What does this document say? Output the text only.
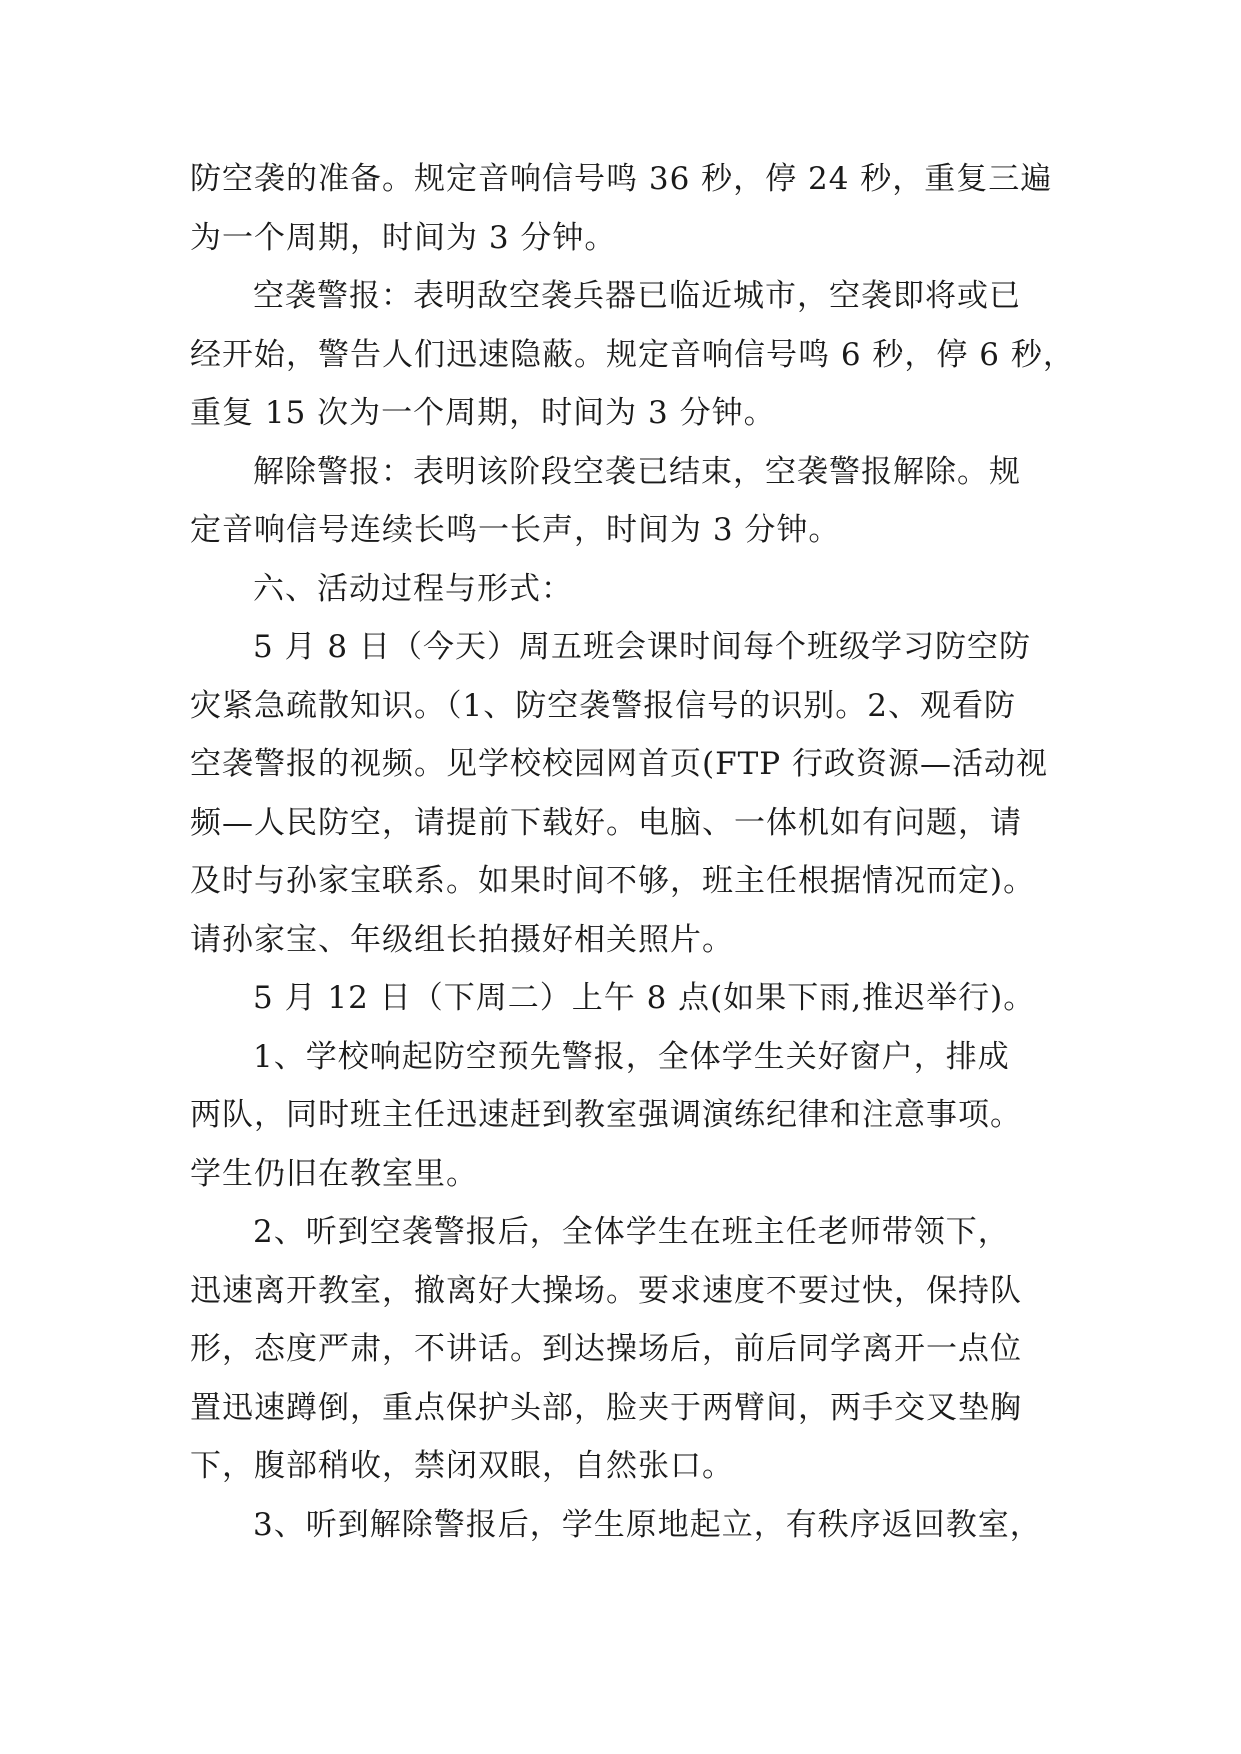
防空袭的准备。规定音响信号鸣 36 秒，停 24 秒，重复三遍
为一个周期，时间为 3 分钟。
空袭警报：表明敌空袭兵器已临近城市，空袭即将或已
经开始，警告人们迅速隐蔽。规定音响信号鸣 6 秒，停 6 秒，
重复 15 次为一个周期，时间为 3 分钟。
解除警报：表明该阶段空袭已结束，空袭警报解除。规
定音响信号连续长鸣一长声，时间为 3 分钟。
六、活动过程与形式：
5 月 8 日（今天）周五班会课时间每个班级学习防空防
灾紧急疏散知识。（1、防空袭警报信号的识别。2、观看防
空袭警报的视频。见学校校园网首页(FTP 行政资源—活动视
频—人民防空，请提前下载好。电脑、一体机如有问题，请
及时与孙家宝联系。如果时间不够，班主任根据情况而定)。
请孙家宝、年级组长拍摄好相关照片。
5 月 12 日（下周二）上午 8 点(如果下雨,推迟举行)。
1、学校响起防空预先警报，全体学生关好窗户，排成
两队，同时班主任迅速赶到教室强调演练纪律和注意事项。
学生仍旧在教室里。
2、听到空袭警报后，全体学生在班主任老师带领下，
迅速离开教室，撤离好大操场。要求速度不要过快，保持队
形，态度严肃，不讲话。到达操场后，前后同学离开一点位
置迅速蹲倒，重点保护头部，脸夹于两臂间，两手交叉垫胸
下，腹部稍收，禁闭双眼，自然张口。
3、听到解除警报后，学生原地起立，有秩序返回教室，
